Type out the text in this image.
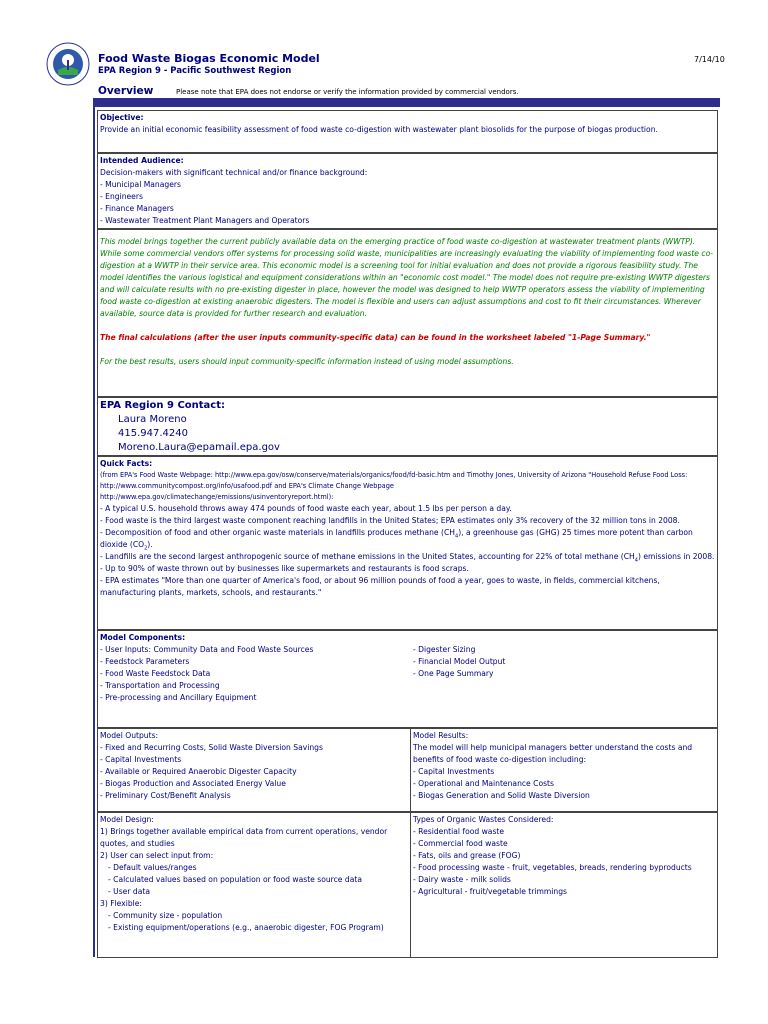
Food Waste Biogas Economic Model
EPA Region 9 - Pacific Southwest Region
7/14/10
Overview	Please note that EPA does not endorse or verify the information provided by commercial vendors.
Objective:
Provide an initial economic feasibility assessment of food waste co-digestion with wastewater plant biosolids for the purpose of biogas production.
Intended Audience:
Decision-makers with significant technical and/or finance background:
- Municipal Managers
- Engineers
- Finance Managers
- Wastewater Treatment Plant Managers and Operators
This model brings together the current publicly available data on the emerging practice of food waste co-digestion at wastewater treatment plants (WWTP). While some commercial vendors offer systems for processing solid waste, municipalities are increasingly evaluating the viability of implementing food waste co-digestion at a WWTP in their service area. This economic model is a screening tool for initial evaluation and does not provide a rigorous feasibility study. The model identifies the various logistical and equipment considerations within an "economic cost model." The model does not require pre-existing WWTP digesters and will calculate results with no pre-existing digester in place, however the model was designed to help WWTP operators assess the viability of implementing food waste co-digestion at existing anaerobic digesters. The model is flexible and users can adjust assumptions and cost to fit their circumstances. Wherever available, source data is provided for further research and evaluation.
The final calculations (after the user inputs community-specific data) can be found in the worksheet labeled "1-Page Summary."
For the best results, users should input community-specific information instead of using model assumptions.
EPA Region 9 Contact:
Laura Moreno
415.947.4240
Moreno.Laura@epamail.epa.gov
Quick Facts:
(from EPA's Food Waste Webpage: http://www.epa.gov/osw/conserve/materials/organics/food/fd-basic.htm and Timothy Jones, University of Arizona "Household Refuse Food Loss: http://www.communitycompost.org/info/usafood.pdf and EPA's Climate Change Webpage
http://www.epa.gov/climatechange/emissions/usinventoryreport.html):
- A typical U.S. household throws away 474 pounds of food waste each year, about 1.5 lbs per person a day.
- Food waste is the third largest waste component reaching landfills in the United States; EPA estimates only 3% recovery of the 32 million tons in 2008.
- Decomposition of food and other organic waste materials in landfills produces methane $(CH_4)$, a greenhouse gas (GHG) 25 times more potent than carbon dioxide $(CO_2)$.
- Landfills are the second largest anthropogenic source of methane emissions in the United States, accounting for 22% of total methane $(CH_4)$ emissions in 2008.
- Up to 90% of waste thrown out by businesses like supermarkets and restaurants is food scraps.
- EPA estimates "More than one quarter of America's food, or about 96 million pounds of food a year, goes to waste, in fields, commercial kitchens, manufacturing plants, markets, schools, and restaurants."
Model Components:
- User Inputs: Community Data and Food Waste Sources
- Feedstock Parameters
- Food Waste Feedstock Data
- Transportation and Processing
- Pre-processing and Ancillary Equipment
- Digester Sizing
- Financial Model Output
- One Page Summary
Model Outputs:
- Fixed and Recurring Costs, Solid Waste Diversion Savings
- Capital Investments
- Available or Required Anaerobic Digester Capacity
- Biogas Production and Associated Energy Value
- Preliminary Cost/Benefit Analysis
Model Results:
The model will help municipal managers better understand the costs and benefits of food waste co-digestion including:
- Capital Investments
- Operational and Maintenance Costs
- Biogas Generation and Solid Waste Diversion
Model Design:
1) Brings together available empirical data from current operations, vendor quotes, and studies
2) User can select input from:
- Default values/ranges
- Calculated values based on population or food waste source data
- User data
3) Flexible:
- Community size - population
- Existing equipment/operations (e.g., anaerobic digester, FOG Program)
Types of Organic Wastes Considered:
- Residential food waste
- Commercial food waste
- Fats, oils and grease (FOG)
- Food processing waste - fruit, vegetables, breads, rendering byproducts
- Dairy waste - milk solids
- Agricultural - fruit/vegetable trimmings
